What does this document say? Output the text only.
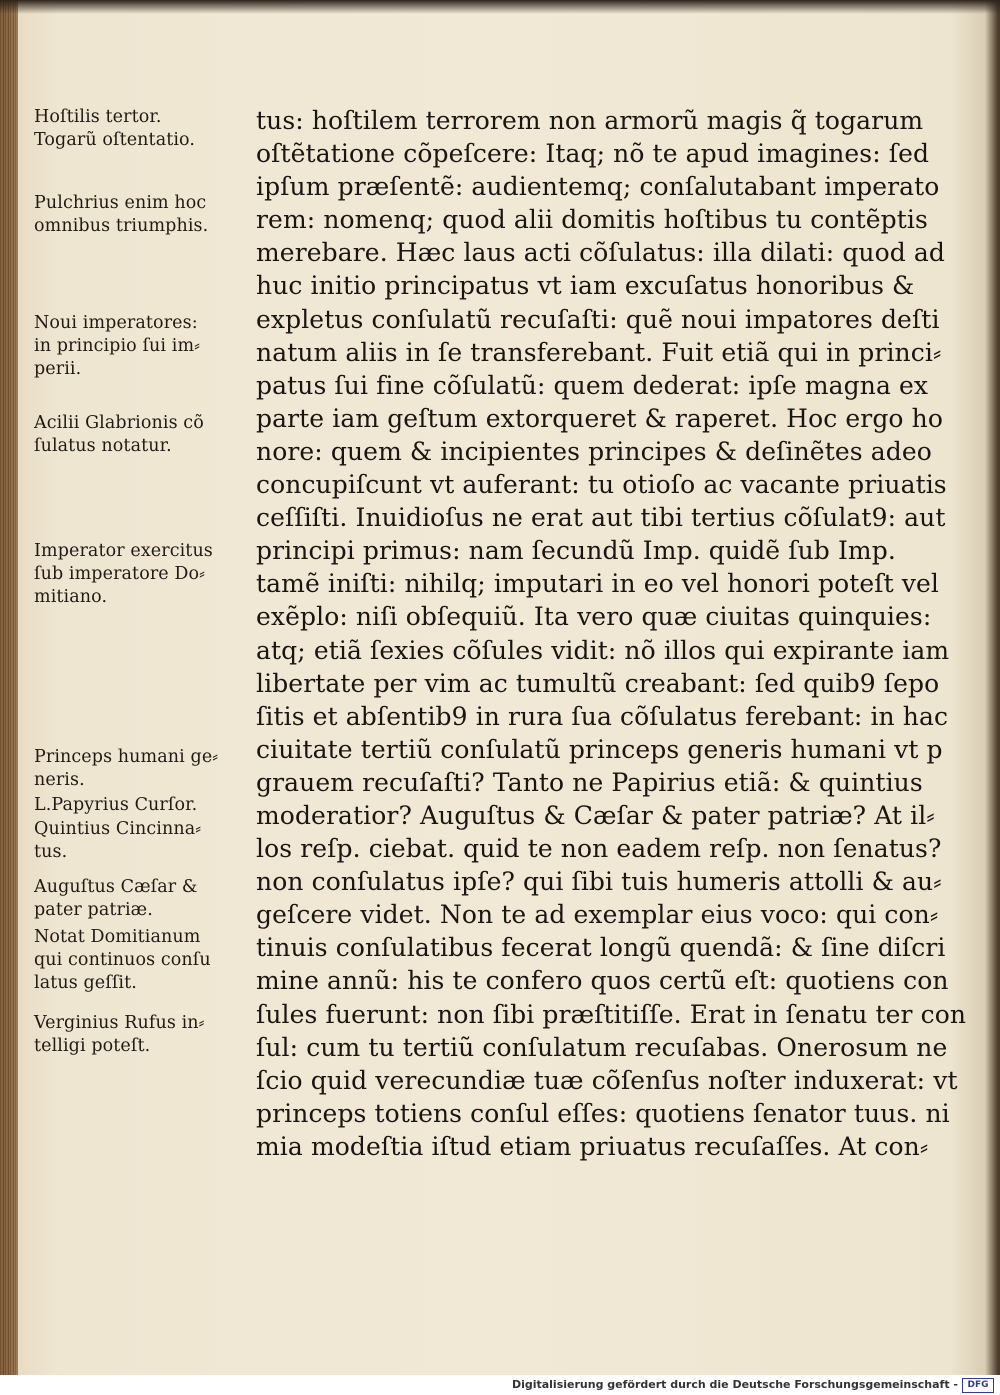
Hoſtilis tertor.
Togarũ oſtentatio.
Pulchrius enim hoc
omnibus triumphis.
Noui imperatores:
in principio ſui im⸗
perii.
Acilii Glabrionis cõ
ſulatus notatur.
Imperator exercitus
ſub imperatore Do⸗
mitiano.
Princeps humani ge⸗
neris.
L.Papyrius Curſor.
Quintius Cincinna⸗
tus.
Auguſtus Cæſar &
pater patriæ.
Notat Domitianum
qui continuos conſu
latus geſſit.
Verginius Rufus in⸗
telligi poteſt.
tus: hoſtilem terrorem non armorũ magis q̃ togarum
oſtẽtatione cõpeſcere: Itaq; nõ te apud imagines: ſed
ipſum præſentẽ: audientemq; conſalutabant imperato
rem: nomenq; quod alii domitis hoſtibus tu contẽptis
merebare. Hæc laus acti cõſulatus: illa dilati: quod ad
huc initio principatus vt iam excuſatus honoribus &
expletus conſulatũ recuſaſti: quẽ noui impatores deſti
natum aliis in ſe transferebant. Fuit etiã qui in princi⸗
patus ſui fine cõſulatũ: quem dederat: ipſe magna ex
parte iam geſtum extorqueret & raperet. Hoc ergo ho
nore: quem & incipientes principes & deſinẽtes adeo
concupiſcunt vt auferant: tu otioſo ac vacante priuatis
ceſſiſti. Inuidioſus ne erat aut tibi tertius cõſulat9: aut
principi primus: nam ſecundũ Imp. quidẽ ſub Imp.
tamẽ iniſti: nihilq; imputari in eo vel honori poteſt vel
exẽplo: niſi obſequiũ. Ita vero quæ ciuitas quinquies:
atq; etiã ſexies cõſules vidit: nõ illos qui expirante iam
libertate per vim ac tumultũ creabant: ſed quib9 ſepo
ſitis et abſentib9 in rura ſua cõſulatus ferebant: in hac
ciuitate tertiũ conſulatũ princeps generis humani vt p
grauem recuſaſti? Tanto ne Papirius etiã: & quintius
moderatior? Auguſtus & Cæſar & pater patriæ? At il⸗
los reſp. ciebat. quid te non eadem reſp. non ſenatus?
non conſulatus ipſe? qui ſibi tuis humeris attolli & au⸗
geſcere videt. Non te ad exemplar eius voco: qui con⸗
tinuis conſulatibus fecerat longũ quendã: & ſine diſcri
mine annũ: his te confero quos certũ eſt: quotiens con
ſules fuerunt: non ſibi præſtitiſſe. Erat in ſenatu ter con
ſul: cum tu tertiũ conſulatum recuſabas. Onerosum ne
ſcio quid verecundiæ tuæ cõſenſus noſter induxerat: vt
princeps totiens conſul eſſes: quotiens ſenator tuus. ni
mia modeſtia iſtud etiam priuatus recuſaſſes. At con⸗
Digitalisierung gefördert durch die Deutsche Forschungsgemeinschaft -	DFG
